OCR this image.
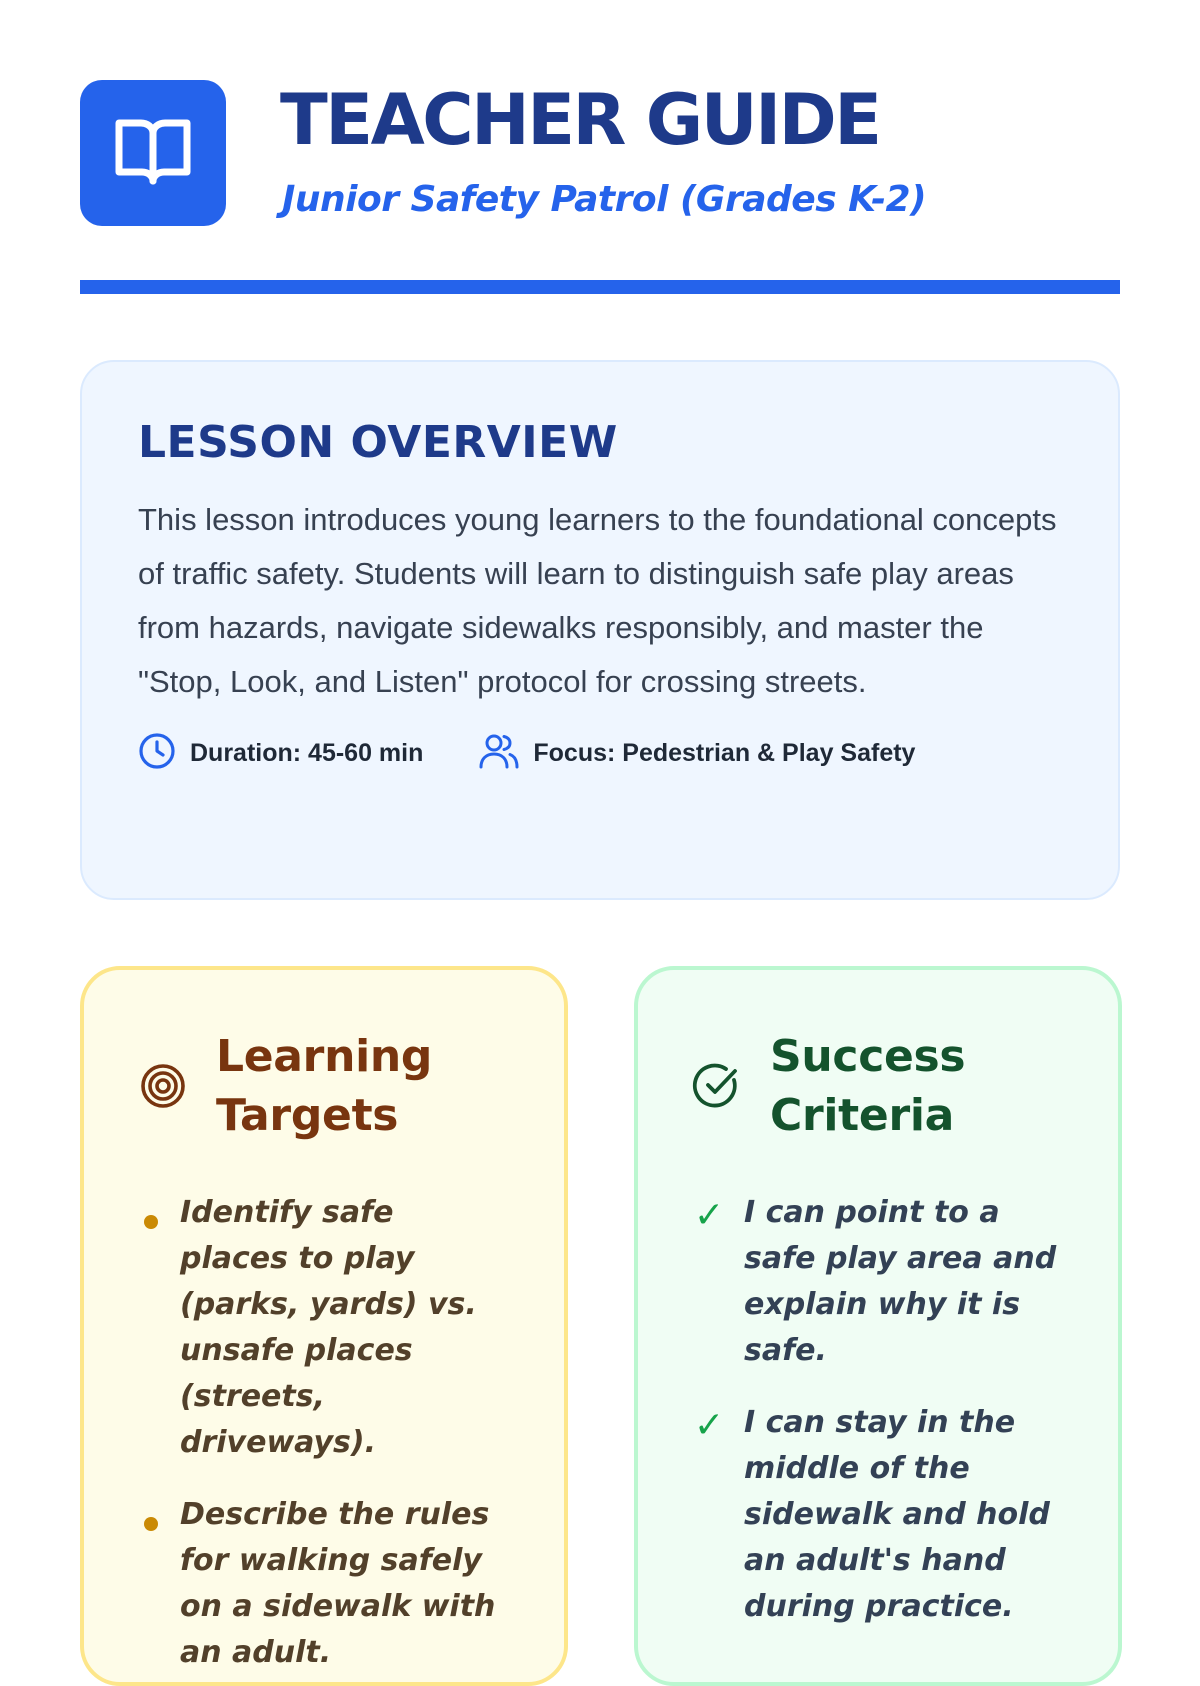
TEACHER GUIDE
Junior Safety Patrol (Grades K-2)
LESSON OVERVIEW

This lesson introduces young learners to the foundational concepts of traffic safety. Students will learn to distinguish safe play areas from hazards, navigate sidewalks responsibly, and master the "Stop, Look, and Listen" protocol for crossing streets.

Duration: 45-60 min	Focus: Pedestrian & Play Safety
Learning
Targets
Identify safe places to play (parks, yards) vs. unsafe places (streets, driveways).
Describe the rules for walking safely on a sidewalk with an adult.
Success
Criteria
✓ I can point to a safe play area and explain why it is safe.
✓ I can stay in the middle of the sidewalk and hold an adult's hand during practice.
